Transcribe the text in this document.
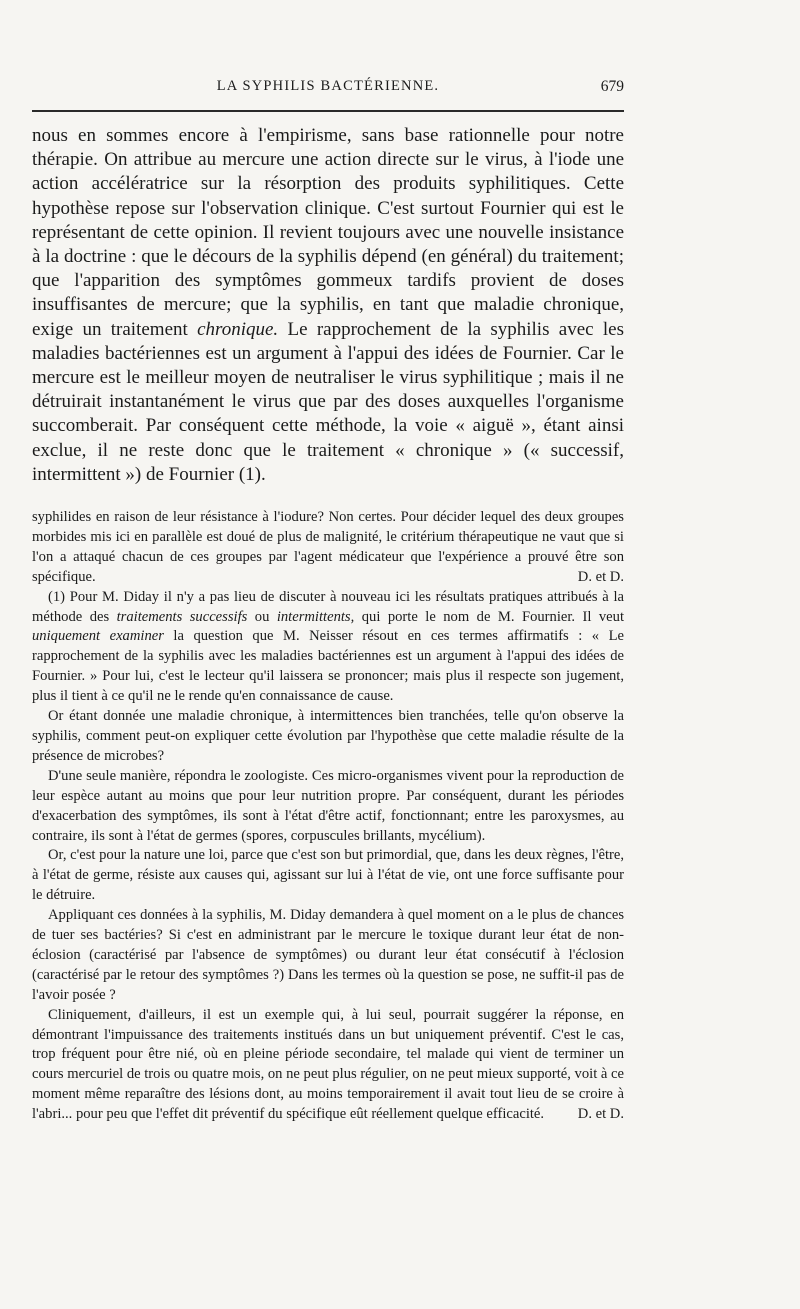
LA SYPHILIS BACTÉRIENNE.	679

nous en sommes encore à l'empirisme, sans base rationnelle pour notre thérapie. On attribue au mercure une action directe sur le virus, à l'iode une action accélératrice sur la résorption des produits syphilitiques. Cette hypothèse repose sur l'observation clinique. C'est surtout Fournier qui est le représentant de cette opinion. Il revient toujours avec une nouvelle insistance à la doctrine : que le décours de la syphilis dépend (en général) du traitement; que l'apparition des symptômes gommeux tardifs provient de doses insuffisantes de mercure; que la syphilis, en tant que maladie chronique, exige un traitement chronique. Le rapprochement de la syphilis avec les maladies bactériennes est un argument à l'appui des idées de Fournier. Car le mercure est le meilleur moyen de neutraliser le virus syphilitique ; mais il ne détruirait instantanément le virus que par des doses auxquelles l'organisme succomberait. Par conséquent cette méthode, la voie « aiguë », étant ainsi exclue, il ne reste donc que le traitement « chronique » (« successif, intermittent ») de Fournier (1).

syphilides en raison de leur résistance à l'iodure? Non certes. Pour décider lequel des deux groupes morbides mis ici en parallèle est doué de plus de malignité, le critérium thérapeutique ne vaut que si l'on a attaqué chacun de ces groupes par l'agent médicateur que l'expérience a prouvé être son spécifique.	D. et D.

(1) Pour M. Diday il n'y a pas lieu de discuter à nouveau ici les résultats pratiques attribués à la méthode des traitements successifs ou intermittents, qui porte le nom de M. Fournier. Il veut uniquement examiner la question que M. Neisser résout en ces termes affirmatifs : « Le rapprochement de la syphilis avec les maladies bactériennes est un argument à l'appui des idées de Fournier. » Pour lui, c'est le lecteur qu'il laissera se prononcer; mais plus il respecte son jugement, plus il tient à ce qu'il ne le rende qu'en connaissance de cause.

Or étant donnée une maladie chronique, à intermittences bien tranchées, telle qu'on observe la syphilis, comment peut-on expliquer cette évolution par l'hypothèse que cette maladie résulte de la présence de microbes?

D'une seule manière, répondra le zoologiste. Ces micro-organismes vivent pour la reproduction de leur espèce autant au moins que pour leur nutrition propre. Par conséquent, durant les périodes d'exacerbation des symptômes, ils sont à l'état d'être actif, fonctionnant; entre les paroxysmes, au contraire, ils sont à l'état de germes (spores, corpuscules brillants, mycélium).

Or, c'est pour la nature une loi, parce que c'est son but primordial, que, dans les deux règnes, l'être, à l'état de germe, résiste aux causes qui, agissant sur lui à l'état de vie, ont une force suffisante pour le détruire.

Appliquant ces données à la syphilis, M. Diday demandera à quel moment on a le plus de chances de tuer ses bactéries? Si c'est en administrant par le mercure le toxique durant leur état de non-éclosion (caractérisé par l'absence de symptômes) ou durant leur état consécutif à l'éclosion (caractérisé par le retour des symptômes ?) Dans les termes où la question se pose, ne suffit-il pas de l'avoir posée ?

Cliniquement, d'ailleurs, il est un exemple qui, à lui seul, pourrait suggérer la réponse, en démontrant l'impuissance des traitements institués dans un but uniquement préventif. C'est le cas, trop fréquent pour être nié, où en pleine période secondaire, tel malade qui vient de terminer un cours mercuriel de trois ou quatre mois, on ne peut plus régulier, on ne peut mieux supporté, voit à ce moment même reparaître des lésions dont, au moins temporairement il avait tout lieu de se croire à l'abri... pour peu que l'effet dit préventif du spécifique eût réellement quelque efficacité.	D. et D.
